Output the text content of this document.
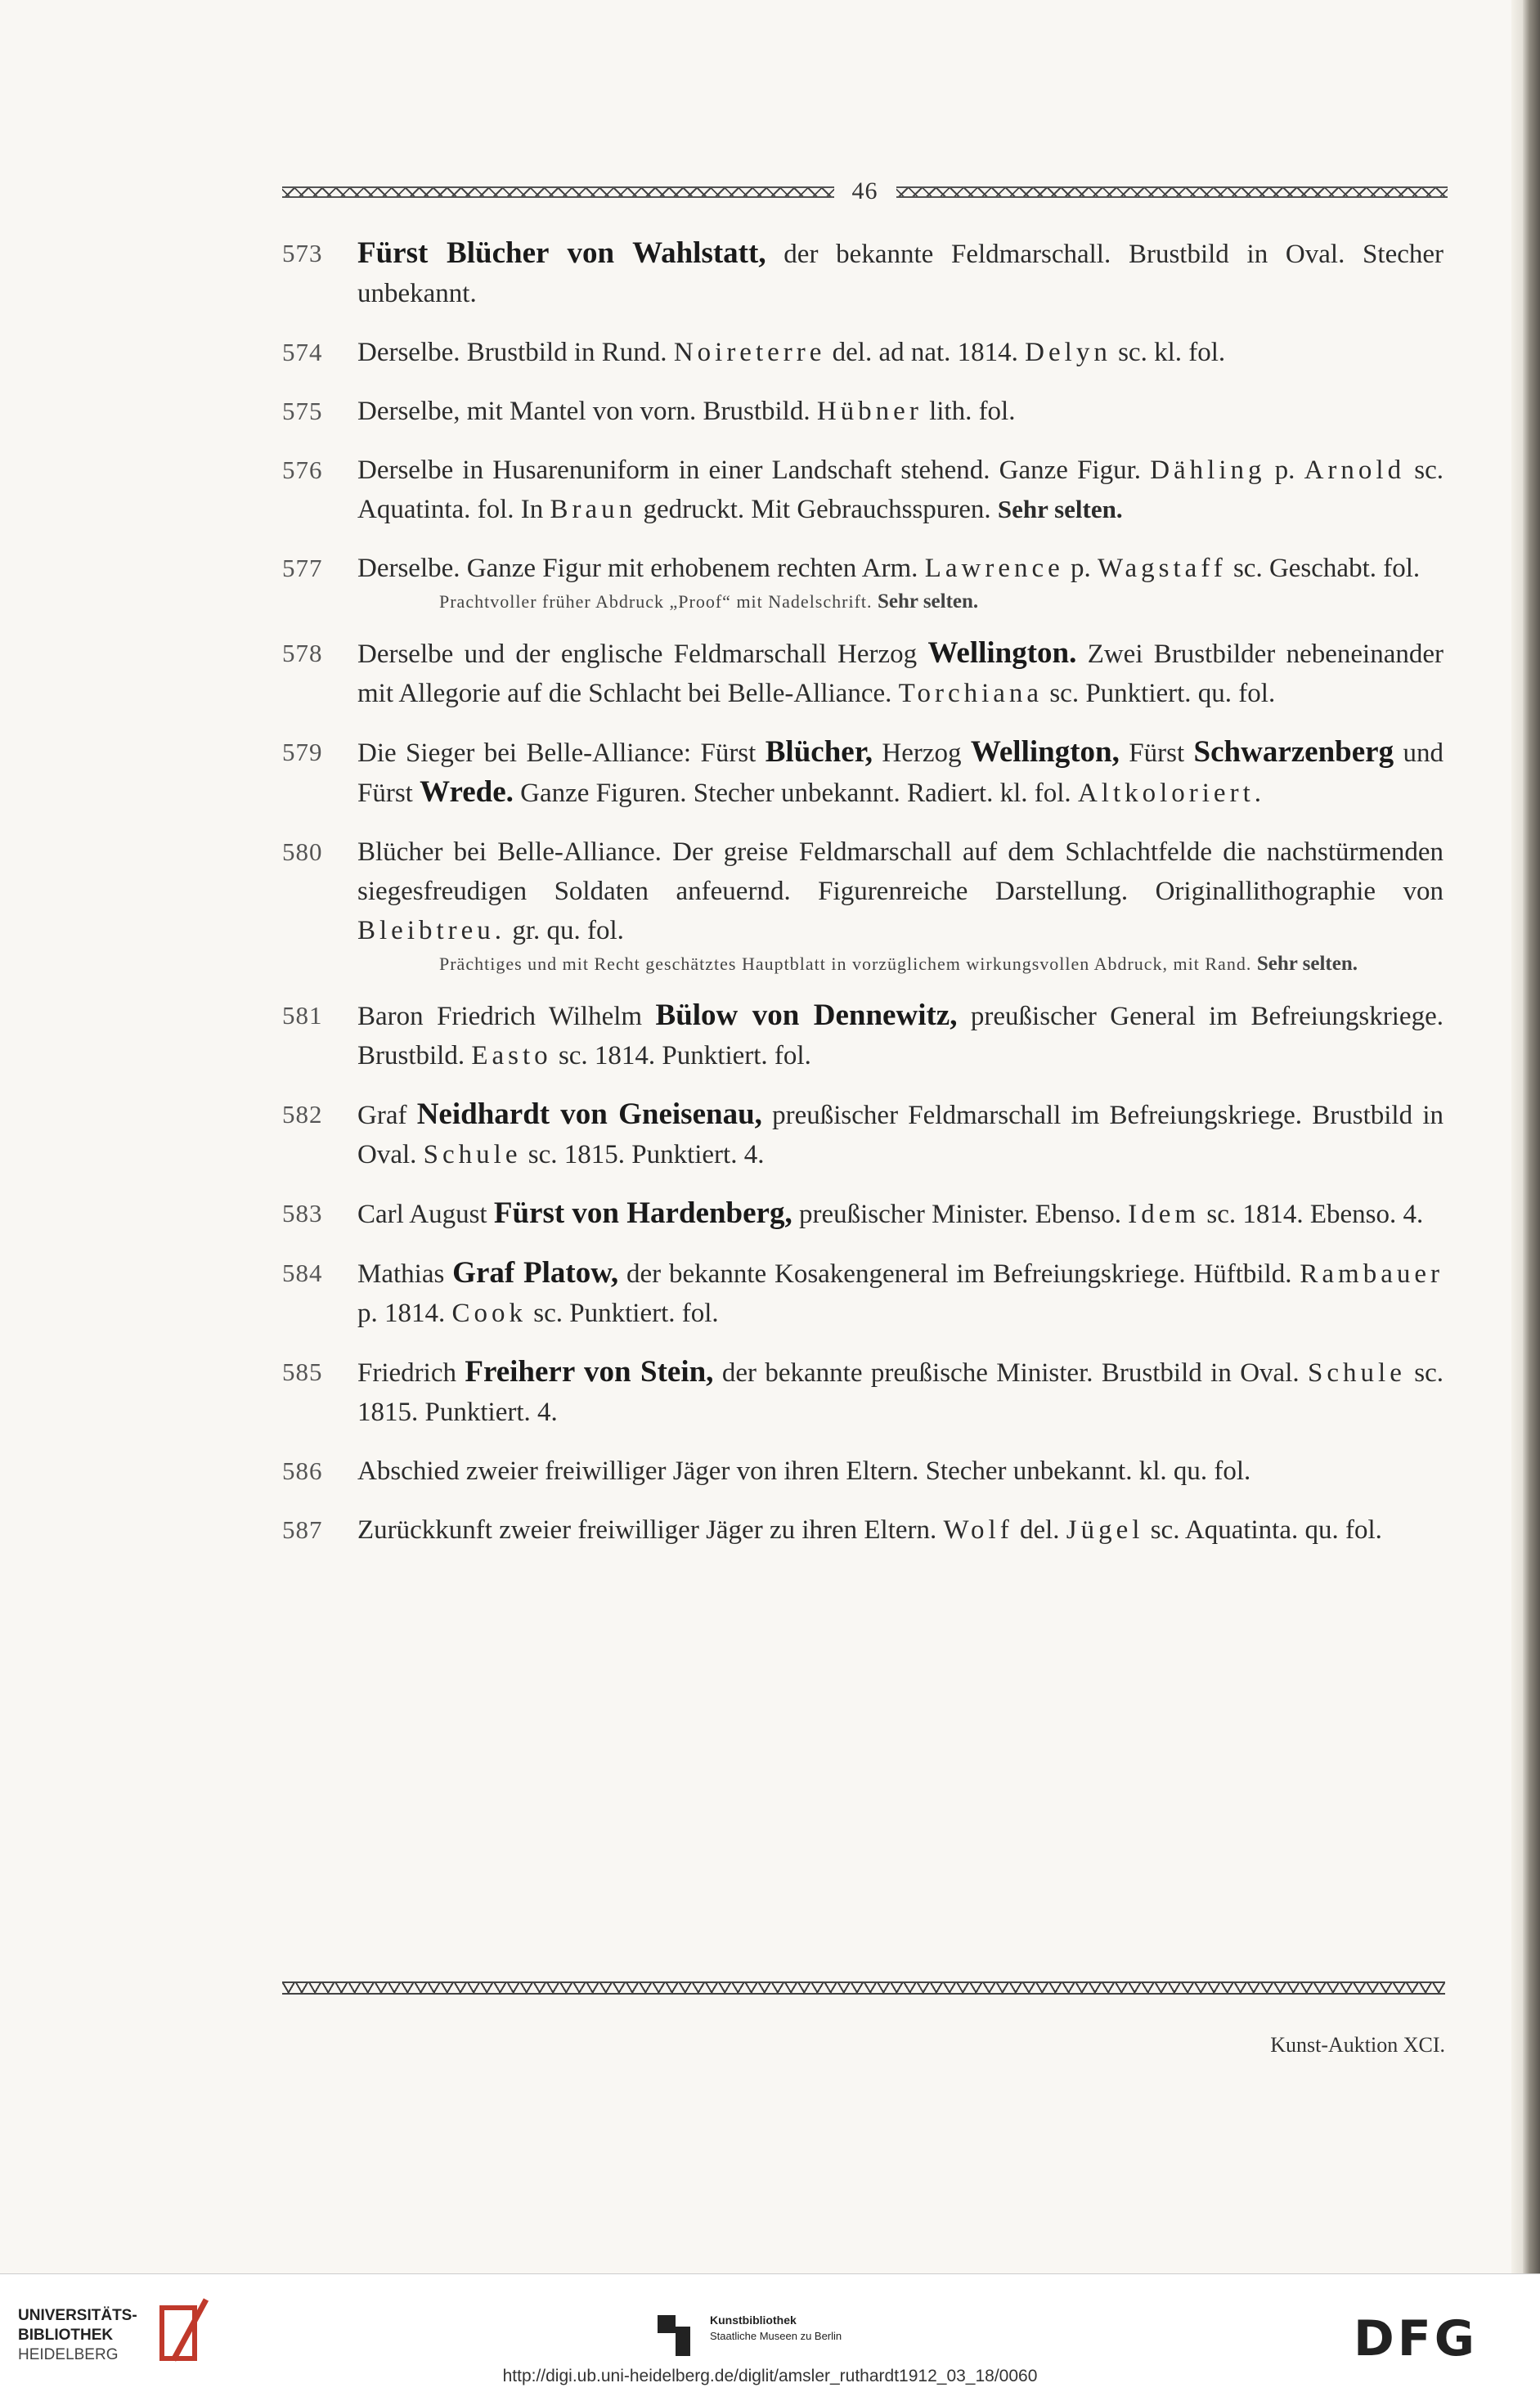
46
573 Fürst Blücher von Wahlstatt, der bekannte Feldmarschall. Brustbild in Oval. Stecher unbekannt.
574 Derselbe. Brustbild in Rund. Noireterre del. ad nat. 1814. Delyn sc. kl. fol.
575 Derselbe, mit Mantel von vorn. Brustbild. Hübner lith. fol.
576 Derselbe in Husarenuniform in einer Landschaft stehend. Ganze Figur. Dähling p. Arnold sc. Aquatinta. fol. In Braun gedruckt. Mit Gebrauchsspuren. Sehr selten.
577 Derselbe. Ganze Figur mit erhobenem rechten Arm. Lawrence p. Wagstaff sc. Geschabt. fol.
Prachtvoller früher Abdruck „Proof“ mit Nadelschrift. Sehr selten.
578 Derselbe und der englische Feldmarschall Herzog Wellington. Zwei Brustbilder nebeneinander mit Allegorie auf die Schlacht bei Belle-Alliance. Torchiana sc. Punktiert. qu. fol.
579 Die Sieger bei Belle-Alliance: Fürst Blücher, Herzog Wellington, Fürst Schwarzenberg und Fürst Wrede. Ganze Figuren. Stecher unbekannt. Radiert. kl. fol. Altkoloriert.
580 Blücher bei Belle-Alliance. Der greise Feldmarschall auf dem Schlachtfelde die nachstürmenden siegesfreudigen Soldaten anfeuernd. Figurenreiche Darstellung. Originallithographie von Bleibtreu. gr. qu. fol.
Prächtiges und mit Recht geschätztes Hauptblatt in vorzüglichem wirkungsvollen Abdruck, mit Rand. Sehr selten.
581 Baron Friedrich Wilhelm Bülow von Dennewitz, preußischer General im Befreiungskriege. Brustbild. Easto sc. 1814. Punktiert. fol.
582 Graf Neidhardt von Gneisenau, preußischer Feldmarschall im Befreiungskriege. Brustbild in Oval. Schule sc. 1815. Punktiert. 4.
583 Carl August Fürst von Hardenberg, preußischer Minister. Ebenso. Idem sc. 1814. Ebenso. 4.
584 Mathias Graf Platow, der bekannte Kosakengeneral im Befreiungskriege. Hüftbild. Rambauer p. 1814. Cook sc. Punktiert. fol.
585 Friedrich Freiherr von Stein, der bekannte preußische Minister. Brustbild in Oval. Schule sc. 1815. Punktiert. 4.
586 Abschied zweier freiwilliger Jäger von ihren Eltern. Stecher unbekannt. kl. qu. fol.
587 Zurückkunft zweier freiwilliger Jäger zu ihren Eltern. Wolf del. Jügel sc. Aquatinta. qu. fol.
Kunst-Auktion XCI.
UNIVERSITÄTS-
BIBLIOTHEK
HEIDELBERG
Kunstbibliothek
Staatliche Museen zu Berlin	DFG
http://digi.ub.uni-heidelberg.de/diglit/amsler_ruthardt1912_03_18/0060
